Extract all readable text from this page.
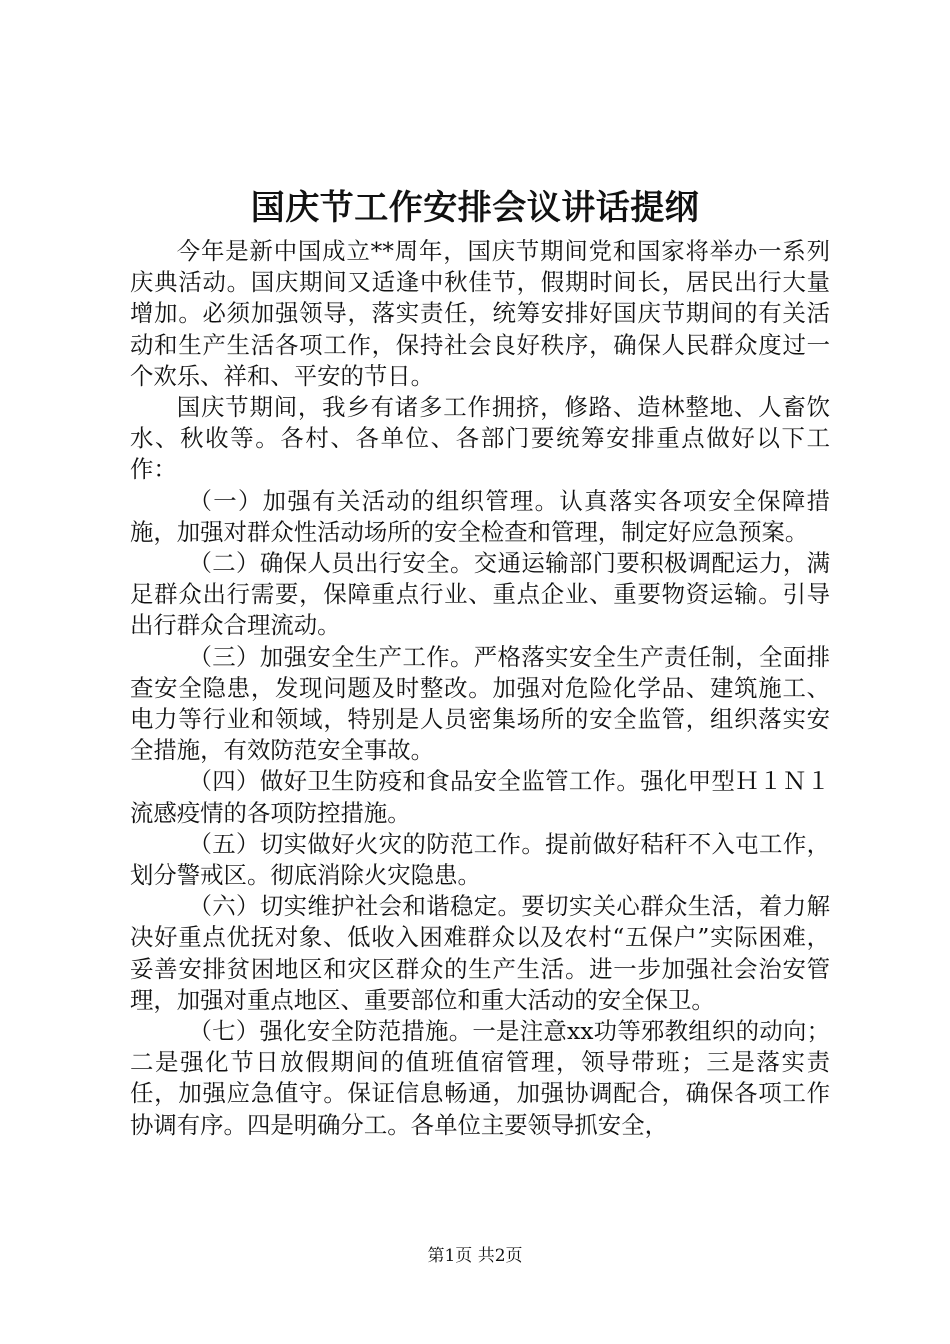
国庆节工作安排会议讲话提纲

今年是新中国成立**周年，国庆节期间党和国家将举办一系列庆典活动。国庆期间又适逢中秋佳节，假期时间长，居民出行大量增加。必须加强领导，落实责任，统筹安排好国庆节期间的有关活动和生产生活各项工作，保持社会良好秩序，确保人民群众度过一个欢乐、祥和、平安的节日。

国庆节期间，我乡有诸多工作拥挤，修路、造林整地、人畜饮水、秋收等。各村、各单位、各部门要统筹安排重点做好以下工作：

（一）加强有关活动的组织管理。认真落实各项安全保障措施，加强对群众性活动场所的安全检查和管理，制定好应急预案。

（二）确保人员出行安全。交通运输部门要积极调配运力，满足群众出行需要，保障重点行业、重点企业、重要物资运输。引导出行群众合理流动。

（三）加强安全生产工作。严格落实安全生产责任制，全面排查安全隐患，发现问题及时整改。加强对危险化学品、建筑施工、电力等行业和领域，特别是人员密集场所的安全监管，组织落实安全措施，有效防范安全事故。

（四）做好卫生防疫和食品安全监管工作。强化甲型Ｈ１Ｎ１流感疫情的各项防控措施。

（五）切实做好火灾的防范工作。提前做好秸秆不入屯工作，划分警戒区。彻底消除火灾隐患。

（六）切实维护社会和谐稳定。要切实关心群众生活，着力解决好重点优抚对象、低收入困难群众以及农村“五保户”实际困难，妥善安排贫困地区和灾区群众的生产生活。进一步加强社会治安管理，加强对重点地区、重要部位和重大活动的安全保卫。

（七）强化安全防范措施。一是注意xx功等邪教组织的动向；二是强化节日放假期间的值班值宿管理，领导带班；三是落实责任，加强应急值守。保证信息畅通，加强协调配合，确保各项工作协调有序。四是明确分工。各单位主要领导抓安全，

第1页 共2页
